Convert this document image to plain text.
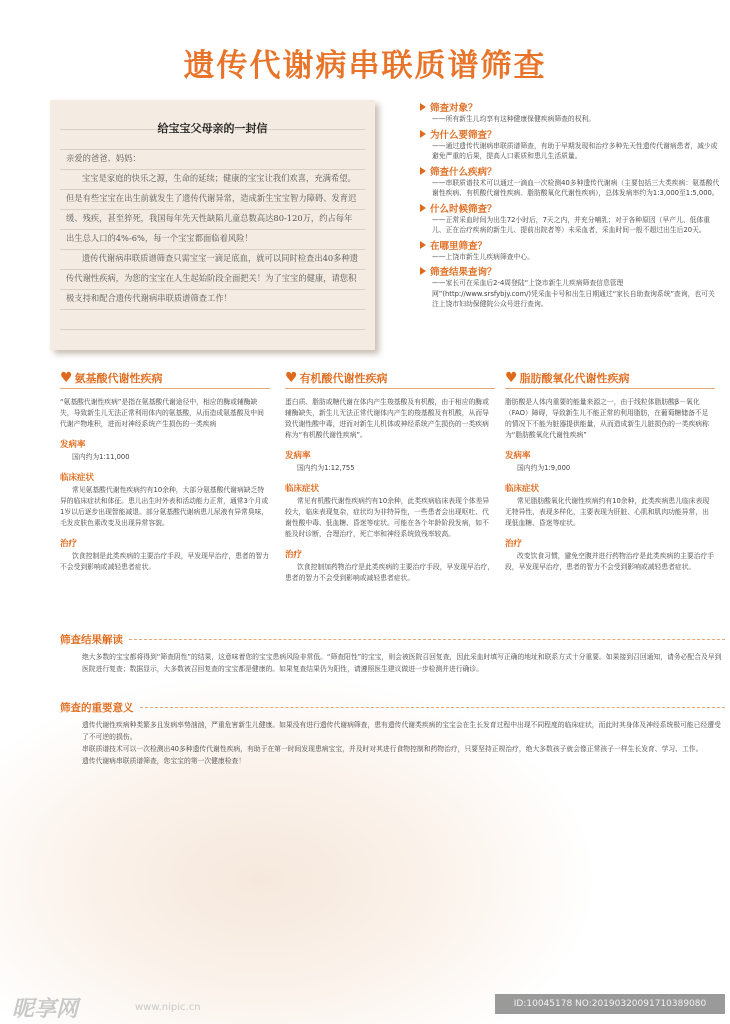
遗传代谢病串联质谱筛查
给宝宝父母亲的一封信

亲爱的爸爸、妈妈：

宝宝是家庭的快乐之源，生命的延续；健康的宝宝让我们欢喜，充满希望。但是有些宝宝在出生前就发生了遗传代谢异常，造成新生宝宝智力障碍、发育迟缓、残疾，甚至猝死，我国每年先天性缺陷儿童总数高达80-120万，约占每年出生总人口的4%-6%，每一个宝宝都面临着风险！

遗传代谢病串联质谱筛查只需宝宝一滴足底血，就可以同时检查出40多种遗传代谢性疾病，为您的宝宝在人生起始阶段全面把关！为了宝宝的健康，请您积极支持和配合遗传代谢病串联质谱筛查工作！

筛查对象？
——所有新生儿均享有这种健康保健疾病筛查的权利。
为什么要筛查？
——通过遗传代谢病串联质谱筛查，有助于早期发现和治疗多种先天性遗传代谢病患者，减少或避免严重的后果，提高人口素质和患儿生活质量。
筛查什么疾病？
——串联质谱技术可以通过一滴血一次检测40多种遗传代谢病（主要包括三大类疾病：氨基酸代谢性疾病、有机酸代谢性疾病、脂肪酸氧化代谢性疾病），总体发病率约为1:3,000至1:5,000。
什么时候筛查？
——正常采血时间为出生72小时后，7天之内，并充分哺乳；对于各种原因（早产儿、低体重儿、正在治疗疾病的新生儿、提前出院者等）未采血者，采血时间一般不超过出生后20天。
在哪里筛查？
——上饶市新生儿疾病筛查中心。
筛查结果查询？
——家长可在采血后2-4周登陆“上饶市新生儿疾病筛查信息管理网”(http://www.srsfybjy.com/)凭采血卡号和出生日期通过“家长自助查询系统”查询，也可关注上饶市妇幼保健院公众号进行查询。
♥ 氨基酸代谢性疾病

“氨基酸代谢性疾病”是指在氨基酸代谢途径中，相应的酶或辅酶缺失，导致新生儿无法正常利用体内的氨基酸，从而造成氨基酸及中间代谢产物堆积，进而对神经系统产生损伤的一类疾病

发病率

国内约为1:11,000

临床症状

常见氨基酸代谢性疾病约有10余种，大部分氨基酸代谢病缺乏特异的临床症状和体征。患儿出生时外表和活动能力正常，通常3个月或1岁以后逐步出现智能减退。部分氨基酸代谢病患儿尿液有异常臭味，毛发皮肤色素改变及出现异常容貌。

治疗

饮食控制是此类疾病的主要治疗手段，早发现早治疗，患者的智力不会受到影响或减轻患者症状。

♥ 有机酸代谢性疾病

蛋白质、脂肪或糖代谢在体内产生羧基酸及有机酸，由于相应的酶或辅酶缺失，新生儿无法正常代谢体内产生的羧基酸及有机酸，从而导致代谢性酸中毒，进而对新生儿机体或神经系统产生损伤的一类疾病称为“有机酸代谢性疾病”。

发病率

国内约为1:12,755

临床症状

常见有机酸代谢性疾病约有10余种，此类疾病临床表现个体差异较大，临床表现复杂，症状均为非特异性，一些患者会出现呕吐、代谢性酸中毒、低血糖、昏迷等症状。可能在各个年龄阶段发病，如不能及时诊断，合理治疗，死亡率和神经系统致残率较高。

治疗

饮食控制加药物治疗是此类疾病的主要治疗手段，早发现早治疗，患者的智力不会受到影响或减轻患者症状。

♥ 脂肪酸氧化代谢性疾病

脂肪酸是人体内重要的能量来源之一，由于线粒体脂肪酸β－氧化（FAO）障碍，导致新生儿不能正常的利用脂肪，在葡萄糖储备不足的情况下不能为脏器提供能量，从而造成新生儿脏损伤的一类疾病称为“脂肪酸氧化代谢性疾病”

发病率

国内约为1:9,000

临床症状

常见脂肪酸氧化代谢性疾病约有10余种，此类疾病患儿临床表现无特异性，表现多样化，主要表现为肝脏、心肌和肌肉功能异常，出现低血糖、昏迷等症状。

治疗

改变饮食习惯，避免空腹并进行药物治疗是此类疾病的主要治疗手段，早发现早治疗，患者的智力不会受到影响或减轻患者症状。

筛查结果解读

绝大多数的宝宝都将得到“筛查阴性”的结果，这意味着您的宝宝患病风险非常低。“筛查阳性”的宝宝，则会被医院召回复查，因此采血时填写正确的地址和联系方式十分重要。如果接到召回通知，请务必配合及早到医院进行复查；数据显示，大多数被召回复查的宝宝都是健康的。如果复查结果仍为阳性，请遵照医生建议做进一步检测并进行确诊。

筛查的重要意义

遗传代谢性疾病种类繁多且发病率势汹汹，严重危害新生儿健康。如果没有进行遗传代谢病筛查，患有遗传代谢类疾病的宝宝会在生长发育过程中出现不同程度的临床症状，而此时其身体及神经系统极可能已经遭受了不可逆的损伤。

串联质谱技术可以一次检测出40多种遗传代谢性疾病，有助于在第一时间发现患病宝宝，并及时对其进行食物控制和药物治疗，只要坚持正规治疗，绝大多数孩子就会像正常孩子一样生长发育、学习、工作。

遗传代谢病串联质谱筛查，您宝宝的第一次健康检查！

昵享网	www.nipic.cn	ID:10045178 NO:20190320091710389080
